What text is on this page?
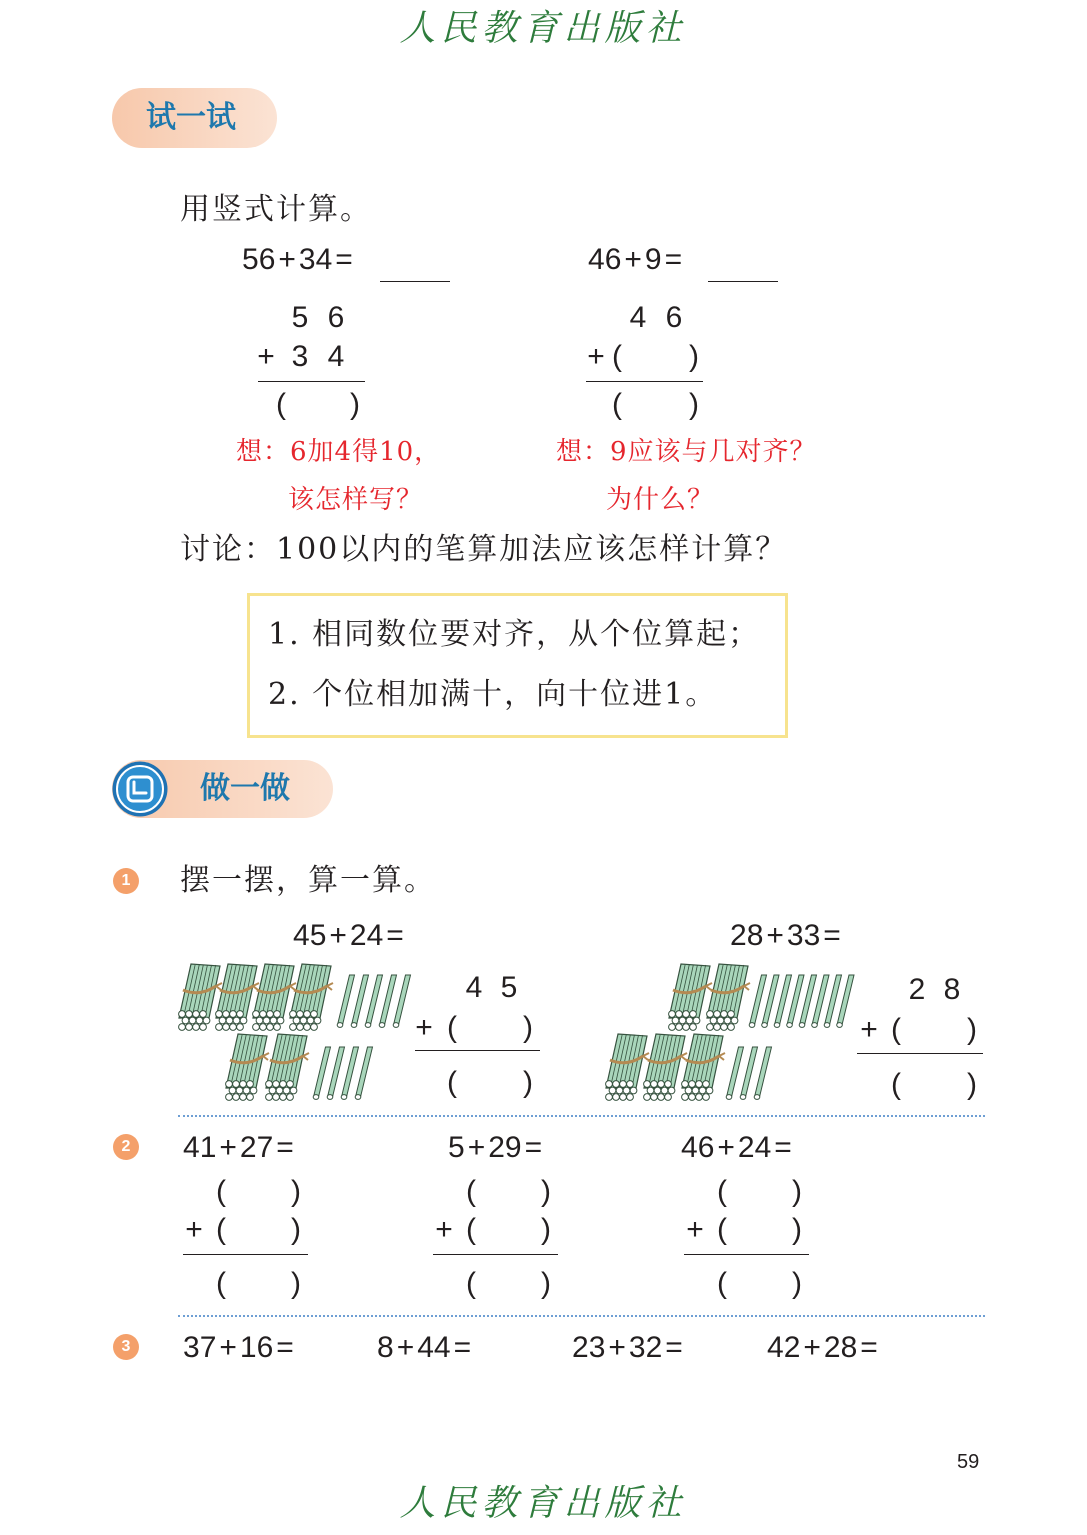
人民教育出版社
试一试
用竖式计算。
56 + 34 =	46 + 9 =
5 6
+ 3 4
( )
4 6
+ ( )
( )
想：6加4得10，
该怎样写？
想：9应该与几对齐？
为什么？
讨论：100以内的笔算加法应该怎样计算？
1. 相同数位要对齐，从个位算起；
2. 个位相加满十，向十位进1。
做一做
1 摆一摆，算一算。
45 + 24 =	28 + 33 =
4 5
+ ( )
( )
2 8
+ ( )
( )
2 41 + 27 =
( )
+ ( )
( )
5 + 29 =
( )
+ ( )
( )
46 + 24 =
( )
+ ( )
( )
3 37 + 16 =	8 + 44 =	23 + 32 =	42 + 28 =
59
人民教育出版社
